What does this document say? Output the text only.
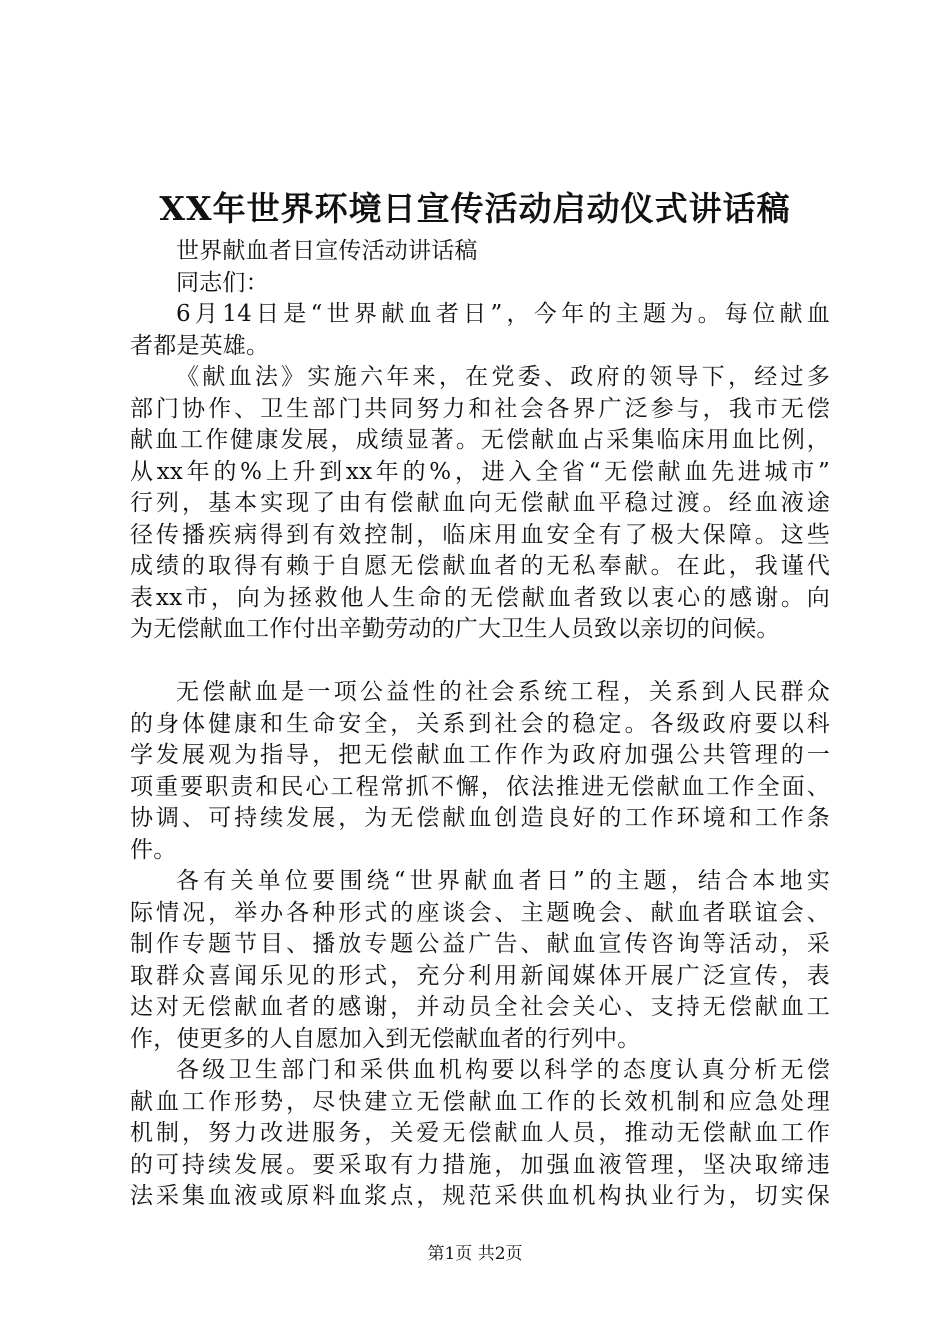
XX年世界环境日宣传活动启动仪式讲话稿

世界献血者日宣传活动讲话稿

同志们：

6月14日是“世界献血者日”，今年的主题为。每位献血

者都是英雄。

《献血法》实施六年来，在党委、政府的领导下，经过多

部门协作、卫生部门共同努力和社会各界广泛参与，我市无偿

献血工作健康发展，成绩显著。无偿献血占采集临床用血比例，

从xx年的%上升到xx年的%，进入全省“无偿献血先进城市”

行列，基本实现了由有偿献血向无偿献血平稳过渡。经血液途

径传播疾病得到有效控制，临床用血安全有了极大保障。这些

成绩的取得有赖于自愿无偿献血者的无私奉献。在此，我谨代

表xx市，向为拯救他人生命的无偿献血者致以衷心的感谢。向

为无偿献血工作付出辛勤劳动的广大卫生人员致以亲切的问候。

无偿献血是一项公益性的社会系统工程，关系到人民群众

的身体健康和生命安全，关系到社会的稳定。各级政府要以科

学发展观为指导，把无偿献血工作作为政府加强公共管理的一

项重要职责和民心工程常抓不懈，依法推进无偿献血工作全面、

协调、可持续发展，为无偿献血创造良好的工作环境和工作条

件。

各有关单位要围绕“世界献血者日”的主题，结合本地实

际情况，举办各种形式的座谈会、主题晚会、献血者联谊会、

制作专题节目、播放专题公益广告、献血宣传咨询等活动，采

取群众喜闻乐见的形式，充分利用新闻媒体开展广泛宣传，表

达对无偿献血者的感谢，并动员全社会关心、支持无偿献血工

作，使更多的人自愿加入到无偿献血者的行列中。

各级卫生部门和采供血机构要以科学的态度认真分析无偿

献血工作形势，尽快建立无偿献血工作的长效机制和应急处理

机制，努力改进服务，关爱无偿献血人员，推动无偿献血工作

的可持续发展。要采取有力措施，加强血液管理，坚决取缔违

法采集血液或原料血浆点，规范采供血机构执业行为，切实保

第1页 共2页
